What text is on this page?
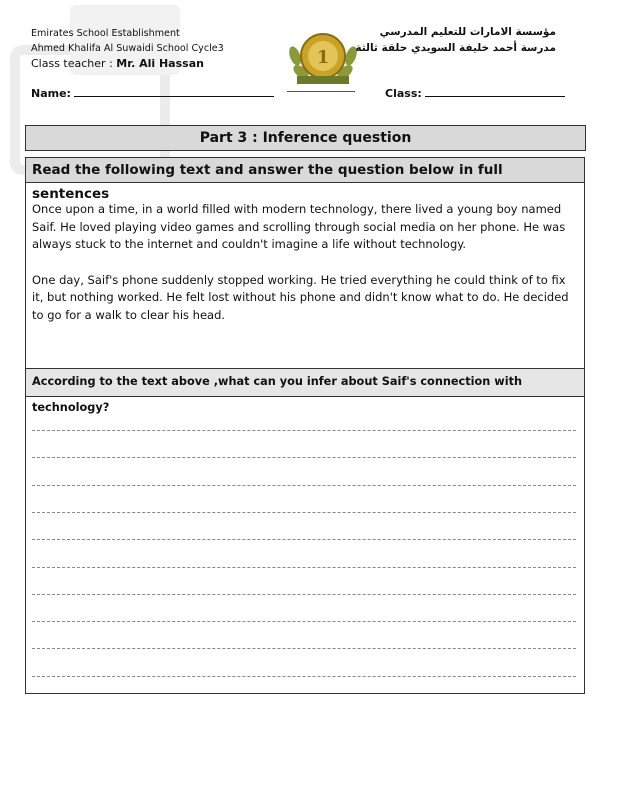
Emirates School Establishment
Ahmed Khalifa Al Suwaidi School Cycle3
Class teacher : Mr. Ali Hassan	1
مؤسسة الامارات للتعليم المدرسي
مدرسة أحمد خليفة السويدي حلقة ثالثة
Name:	Class:
Part 3 : Inference question
Read the following text and answer the question below in full sentences

Once upon a time, in a world filled with modern technology, there lived a young boy named Saif. He loved playing video games and scrolling through social media on her phone. He was always stuck to the internet and couldn't imagine a life without technology.

One day, Saif's phone suddenly stopped working. He tried everything he could think of to fix it, but nothing worked. He felt lost without his phone and didn't know what to do. He decided to go for a walk to clear his head.

According to the text above ,what can you infer about Saif's connection with technology?
